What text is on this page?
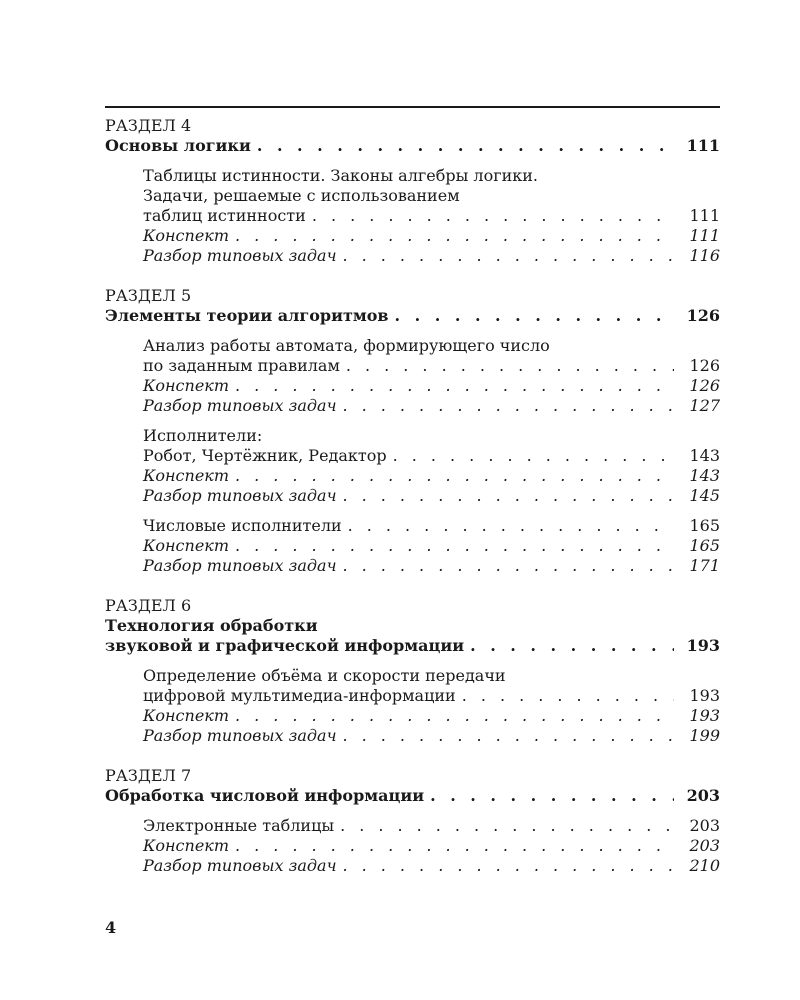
РАЗДЕЛ 4
Основы логики . . .	111
Таблицы истинности. Законы алгебры логики.
Задачи, решаемые с использованием
таблиц истинности . . .	111
Конспект . . .	111
Разбор типовых задач . . .	116
РАЗДЕЛ 5
Элементы теории алгоритмов . . .	126
Анализ работы автомата, формирующего число
по заданным правилам . . .	126
Конспект . . .	126
Разбор типовых задач . . .	127
Исполнители:
Робот, Чертёжник, Редактор . . .	143
Конспект . . .	143
Разбор типовых задач . . .	145
Числовые исполнители . . .	165
Конспект . . .	165
Разбор типовых задач . . .	171
РАЗДЕЛ 6
Технология обработки
звуковой и графической информации . . .	193
Определение объёма и скорости передачи
цифровой мультимедиа-информации . . .	193
Конспект . . .	193
Разбор типовых задач . . .	199
РАЗДЕЛ 7
Обработка числовой информации . . .	203
Электронные таблицы . . .	203
Конспект . . .	203
Разбор типовых задач . . .	210
4
